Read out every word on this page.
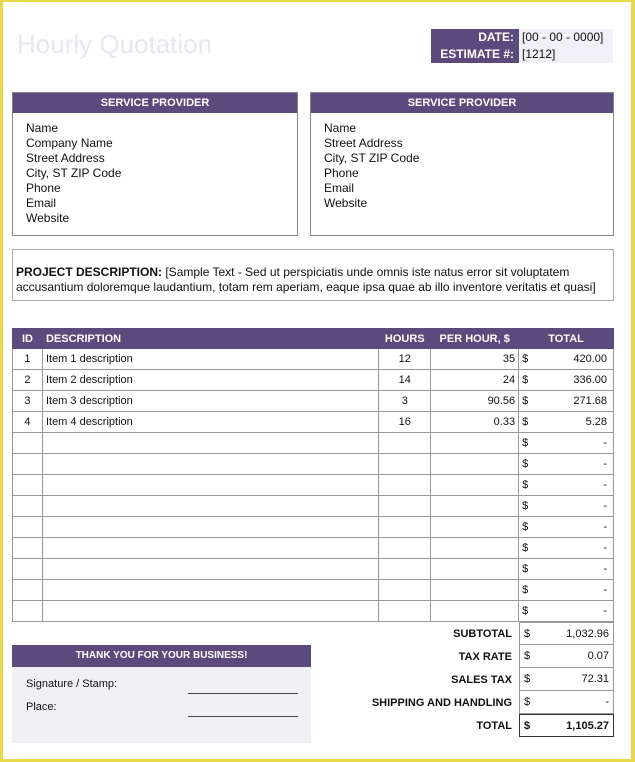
Hourly Quotation	DATE: [00 - 00 - 0000]
ESTIMATE #: [1212]
SERVICE PROVIDER
Name
Company Name
Street Address
City, ST ZIP Code
Phone
Email
Website
SERVICE PROVIDER
Name
Street Address
City, ST ZIP Code
Phone
Email
Website
PROJECT DESCRIPTION: [Sample Text - Sed ut perspiciatis unde omnis iste natus error sit voluptatem accusantium doloremque laudantium, totam rem aperiam, eaque ipsa quae ab illo inventore veritatis et quasi]
ID	DESCRIPTION	HOURS	PER HOUR, $	TOTAL
1	Item 1 description	12	35	$ 420.00

2	Item 2 description	14	24	$ 336.00

3	Item 3 description	3	90.56	$ 271.68

4	Item 4 description	16	0.33	$ 5.28

				$ -

				$ -

				$ -

				$ -

				$ -

				$ -

				$ -

				$ -

				$ -
SUBTOTAL	$	1,032.96
TAX RATE	$	0.07
SALES TAX	$	72.31
SHIPPING AND HANDLING	$	-
TOTAL	$	1,105.27
THANK YOU FOR YOUR BUSINESS!
Signature / Stamp:
Place:
